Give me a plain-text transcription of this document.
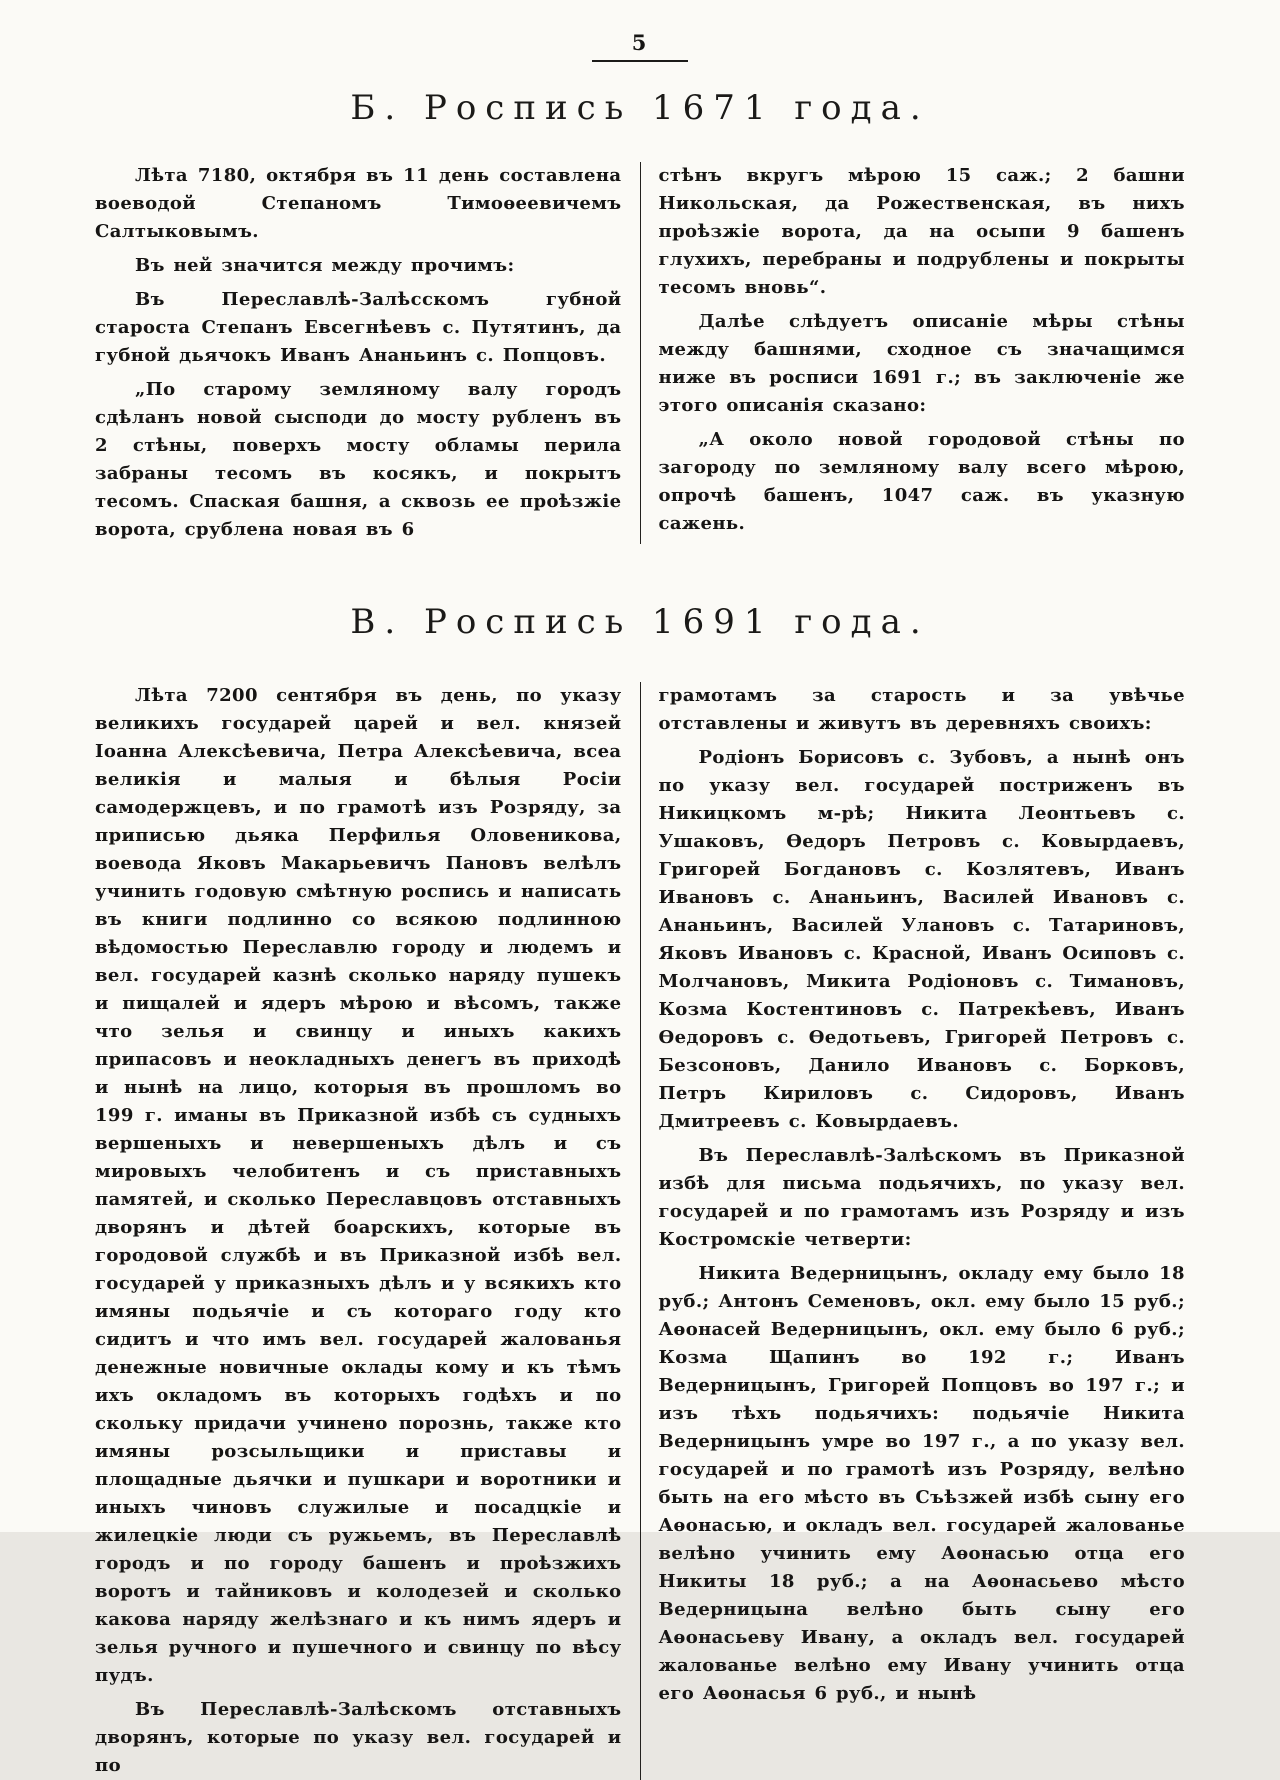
5
Б. Роспись 1671 года.

Лѣта 7180, октября въ 11 день составлена воеводой Степаномъ Тимоѳеевичемъ Салтыковымъ.

Въ ней значится между прочимъ:

Въ Переславлѣ-Залѣсскомъ губной староста Степанъ Евсегнѣевъ с. Путятинъ, да губной дьячокъ Иванъ Ананьинъ с. Попцовъ.

„По старому земляному валу городъ сдѣланъ новой сысподи до мосту рубленъ въ 2 стѣны, поверхъ мосту обламы перила забраны тесомъ въ косякъ, и покрытъ тесомъ. Спаская башня, а сквозь ее проѣзжіе ворота, срублена новая въ 6

стѣнъ вкругъ мѣрою 15 саж.; 2 башни Никольская, да Рожественская, въ нихъ проѣзжіе ворота, да на осыпи 9 башенъ глухихъ, перебраны и подрублены и покрыты тесомъ вновь“.

Далѣе слѣдуетъ описаніе мѣры стѣны между башнями, сходное съ значащимся ниже въ росписи 1691 г.; въ заключеніе же этого описанія сказано:

„А около новой городовой стѣны по загороду по земляному валу всего мѣрою, опрочѣ башенъ, 1047 саж. въ указную сажень.

В. Роспись 1691 года.

Лѣта 7200 сентября въ день, по указу великихъ государей царей и вел. князей Іоанна Алексѣевича, Петра Алексѣевича, всеа великія и малыя и бѣлыя Росіи самодержцевъ, и по грамотѣ изъ Розряду, за приписью дьяка Перфилья Оловеникова, воевода Яковъ Макарьевичъ Пановъ велѣлъ учинить годовую смѣтную роспись и написать въ книги подлинно со всякою подлинною вѣдомостью Переславлю городу и людемъ и вел. государей казнѣ сколько наряду пушекъ и пищалей и ядеръ мѣрою и вѣсомъ, также что зелья и свинцу и иныхъ какихъ припасовъ и неокладныхъ денегъ въ приходѣ и нынѣ на лицо, которыя въ прошломъ во 199 г. иманы въ Приказной избѣ съ судныхъ вершеныхъ и невершеныхъ дѣлъ и съ мировыхъ челобитенъ и съ приставныхъ памятей, и сколько Переславцовъ отставныхъ дворянъ и дѣтей боарскихъ, которые въ городовой службѣ и въ Приказной избѣ вел. государей у приказныхъ дѣлъ и у всякихъ кто имяны подьячіе и съ котораго году кто сидитъ и что имъ вел. государей жалованья денежные новичные оклады кому и къ тѣмъ ихъ окладомъ въ которыхъ годѣхъ и по скольку придачи учинено порознь, также кто имяны розсыльщики и приставы и площадные дьячки и пушкари и воротники и иныхъ чиновъ служилые и посадцкіе и жилецкіе люди съ ружьемъ, въ Переславлѣ городъ и по городу башенъ и проѣзжихъ воротъ и тайниковъ и колодезей и сколько какова наряду желѣзнаго и къ нимъ ядеръ и зелья ручного и пушечного и свинцу по вѣсу пудъ.

Въ Переславлѣ-Залѣскомъ отставныхъ дворянъ, которые по указу вел. государей и по

грамотамъ за старость и за увѣчье отставлены и живутъ въ деревняхъ своихъ:

Родіонъ Борисовъ с. Зубовъ, а нынѣ онъ по указу вел. государей постриженъ въ Никицкомъ м-рѣ; Никита Леонтьевъ с. Ушаковъ, Ѳедоръ Петровъ с. Ковырдаевъ, Григорей Богдановъ с. Козлятевъ, Иванъ Ивановъ с. Ананьинъ, Василей Ивановъ с. Ананьинъ, Василей Улановъ с. Татариновъ, Яковъ Ивановъ с. Красной, Иванъ Осиповъ с. Молчановъ, Микита Родіоновъ с. Тимановъ, Козма Костентиновъ с. Патрекѣевъ, Иванъ Ѳедоровъ с. Ѳедотьевъ, Григорей Петровъ с. Безсоновъ, Данило Ивановъ с. Борковъ, Петръ Кириловъ с. Сидоровъ, Иванъ Дмитреевъ с. Ковырдаевъ.

Въ Переславлѣ-Залѣскомъ въ Приказной избѣ для письма подьячихъ, по указу вел. государей и по грамотамъ изъ Розряду и изъ Костромскіе четверти:

Никита Ведерницынъ, окладу ему было 18 руб.; Антонъ Семеновъ, окл. ему было 15 руб.; Аѳонасей Ведерницынъ, окл. ему было 6 руб.; Козма Щапинъ во 192 г.; Иванъ Ведерницынъ, Григорей Попцовъ во 197 г.; и изъ тѣхъ подьячихъ: подьячіе Никита Ведерницынъ умре во 197 г., а по указу вел. государей и по грамотѣ изъ Розряду, велѣно быть на его мѣсто въ Съѣзжей избѣ сыну его Аѳонасью, и окладъ вел. государей жалованье велѣно учинить ему Аѳонасью отца его Никиты 18 руб.; а на Аѳонасьево мѣсто Ведерницына велѣно быть сыну его Аѳонасьеву Ивану, а окладъ вел. государей жалованье велѣно ему Ивану учинить отца его Аѳонасья 6 руб., и нынѣ
